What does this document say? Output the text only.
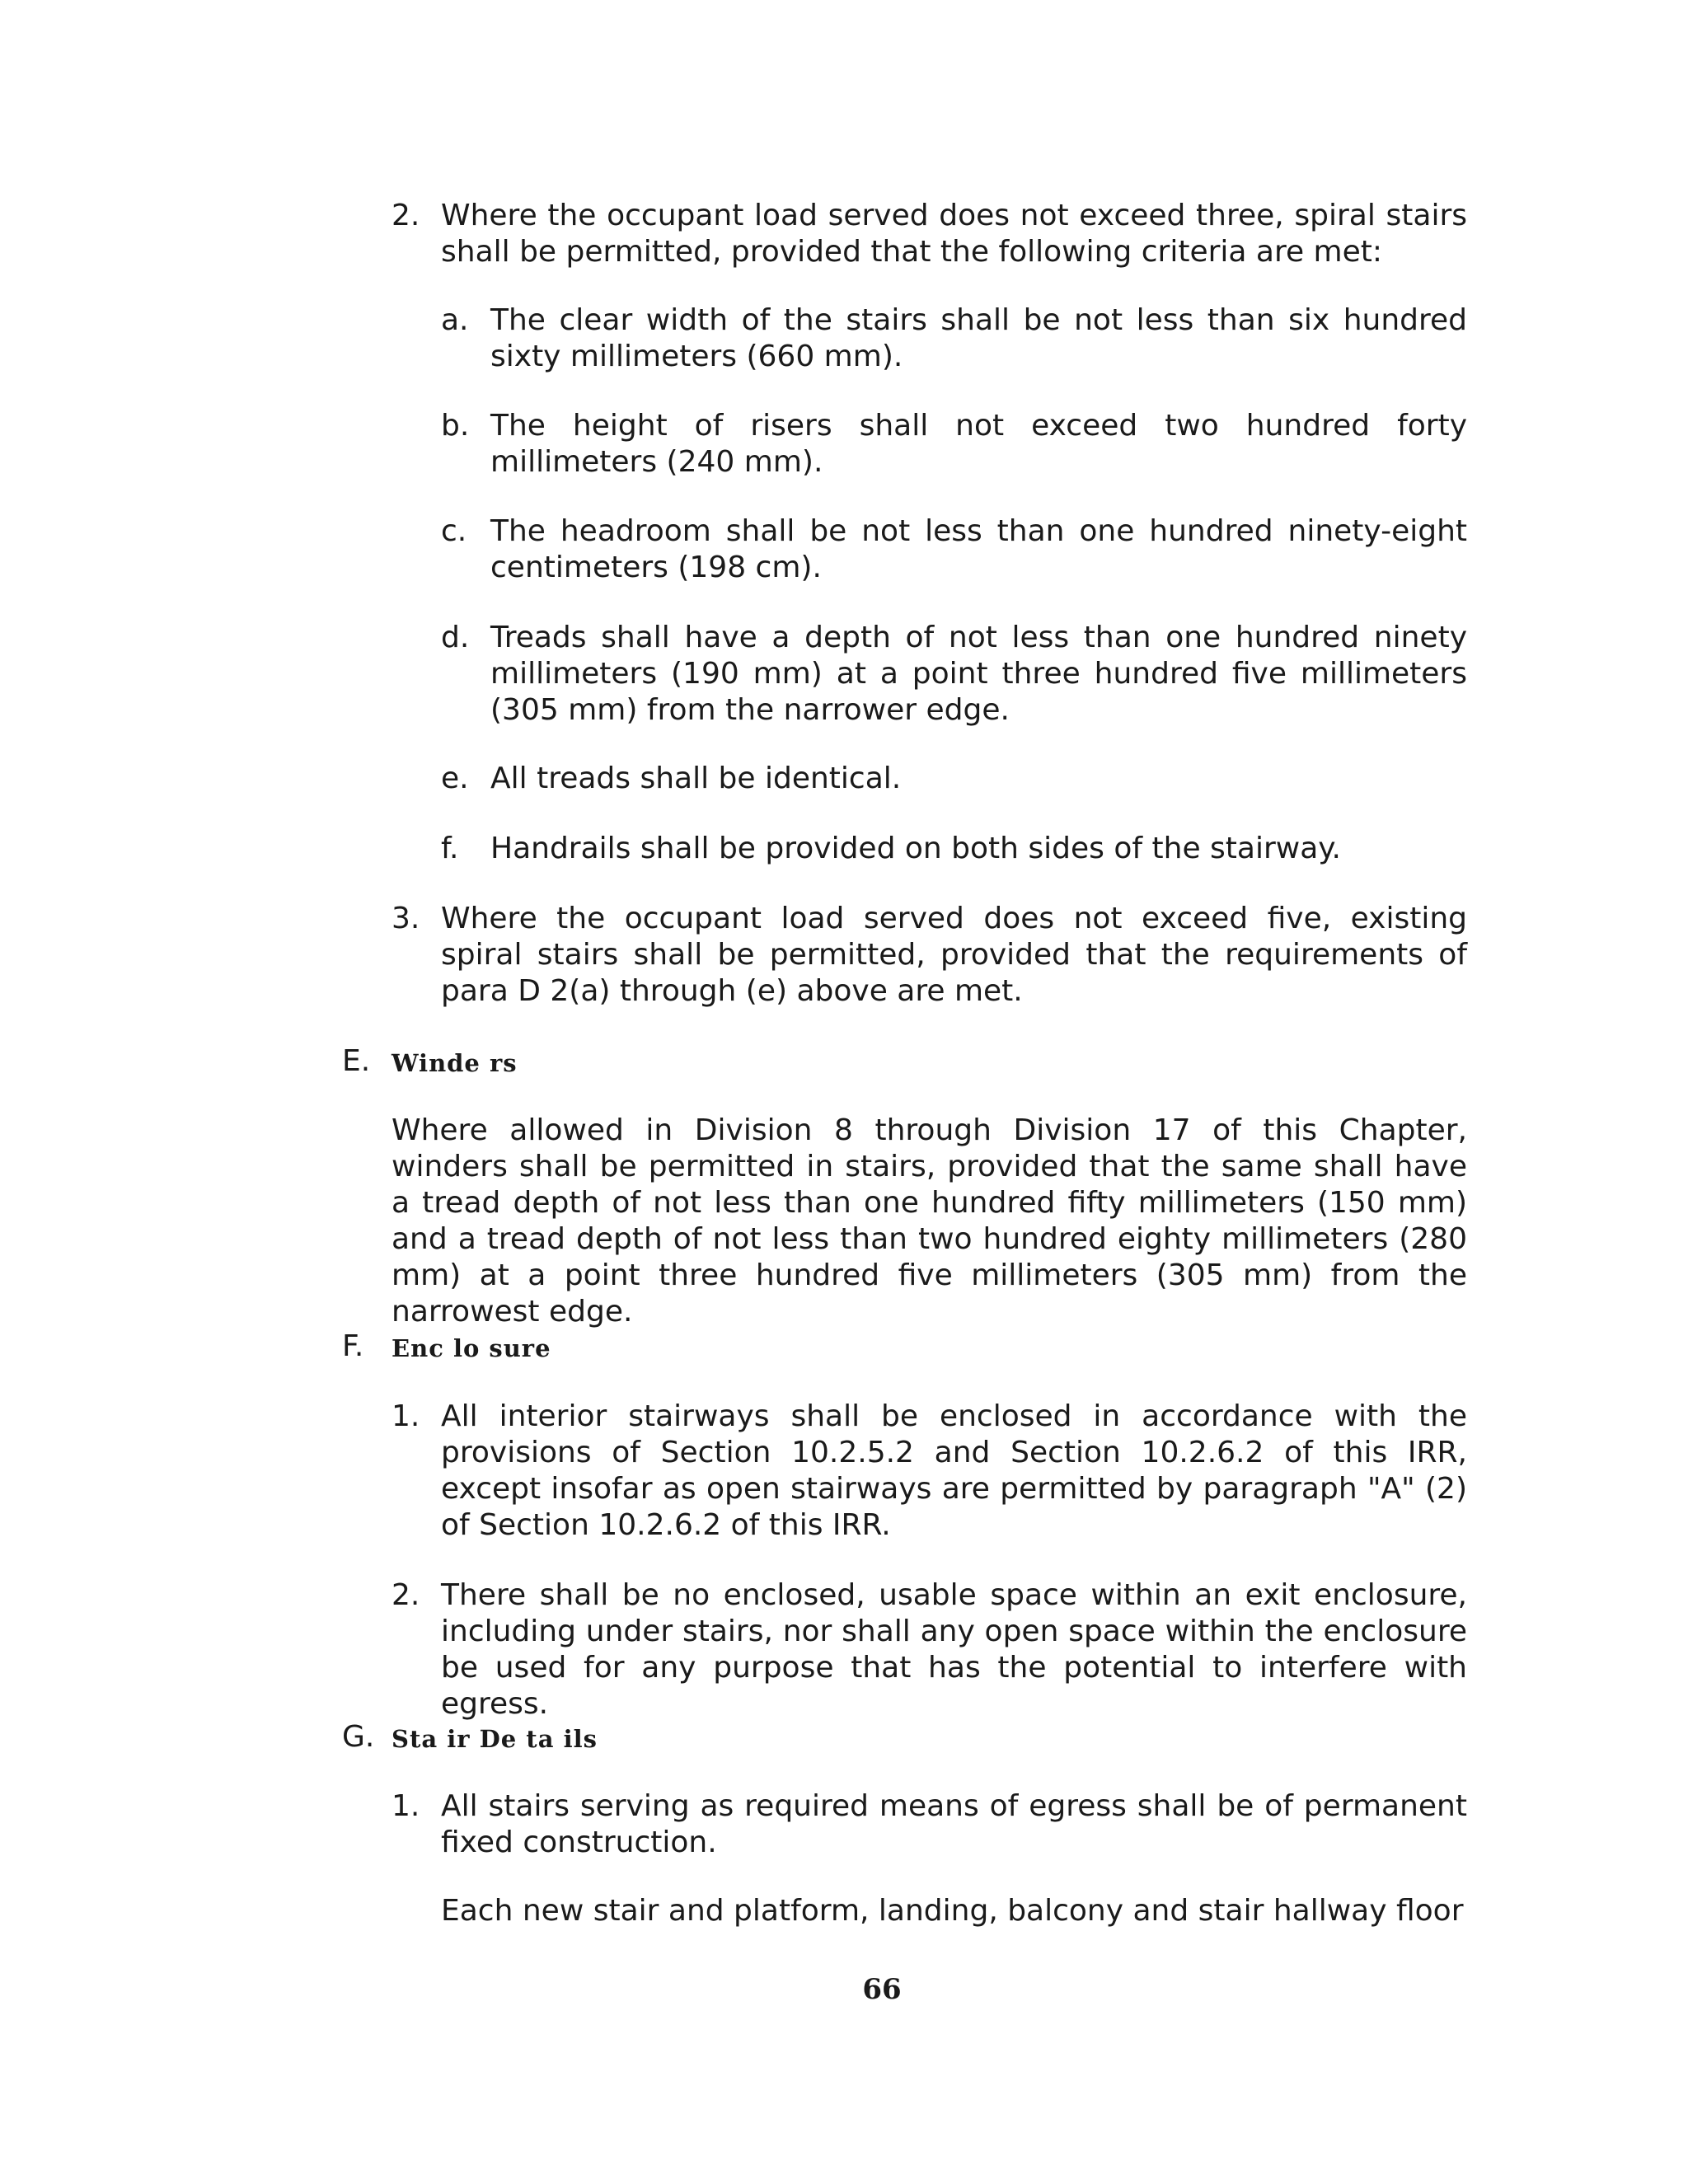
2. Where the occupant load served does not exceed three, spiral stairs shall be permitted, provided that the following criteria are met:
a. The clear width of the stairs shall be not less than six hundred sixty millimeters (660 mm).
b. The height of risers shall not exceed two hundred forty millimeters (240 mm).
c. The headroom shall be not less than one hundred ninety-eight centimeters (198 cm).
d. Treads shall have a depth of not less than one hundred ninety millimeters (190 mm) at a point three hundred five millimeters (305 mm) from the narrower edge.
e. All treads shall be identical.
f. Handrails shall be provided on both sides of the stairway.
3. Where the occupant load served does not exceed five, existing spiral stairs shall be permitted, provided that the requirements of para D 2(a) through (e) above are met.
E. Winde rs
Where allowed in Division 8 through Division 17 of this Chapter, winders shall be permitted in stairs, provided that the same shall have a tread depth of not less than one hundred fifty millimeters (150 mm) and a tread depth of not less than two hundred eighty millimeters (280 mm) at a point three hundred five millimeters (305 mm) from the narrowest edge.
F. Enc lo sure
1. All interior stairways shall be enclosed in accordance with the provisions of Section 10.2.5.2 and Section 10.2.6.2 of this IRR, except insofar as open stairways are permitted by paragraph "A" (2) of Section 10.2.6.2 of this IRR.
2. There shall be no enclosed, usable space within an exit enclosure, including under stairs, nor shall any open space within the enclosure be used for any purpose that has the potential to interfere with egress.
G. Sta ir De ta ils
1. All stairs serving as required means of egress shall be of permanent fixed construction.
Each new stair and platform, landing, balcony and stair hallway floor
66
